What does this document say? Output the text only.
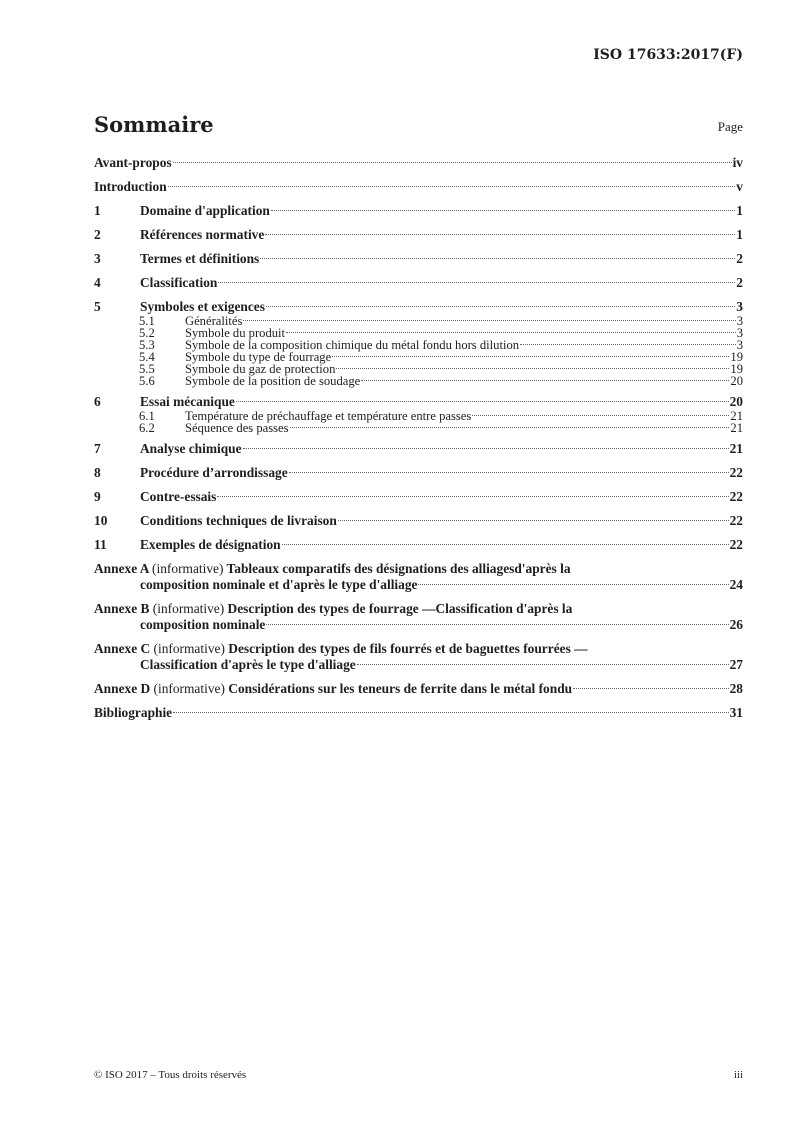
ISO 17633:2017(F)
Sommaire	Page
Avant-propos	iv
Introduction	v
1	Domaine d'application	1
2	Références normative	1
3	Termes et définitions	2
4	Classification	2
5	Symboles et exigences	3
5.1 Généralités	3
5.2 Symbole du produit	3
5.3 Symbole de la composition chimique du métal fondu hors dilution	3
5.4 Symbole du type de fourrage	19
5.5 Symbole du gaz de protection	19
5.6 Symbole de la position de soudage	20
6	Essai mécanique	20
6.1 Température de préchauffage et température entre passes	21
6.2 Séquence des passes	21
7	Analyse chimique	21
8	Procédure d’arrondissage	22
9	Contre-essais	22
10 Conditions techniques de livraison	22
11 Exemples de désignation	22
Annexe A (informative) Tableaux comparatifs des désignations des alliagesd'après la
composition nominale et d'après le type d'alliage	24
Annexe B (informative) Description des types de fourrage —Classification d'après la
composition nominale	26
Annexe C (informative) Description des types de fils fourrés et de baguettes fourrées —
Classification d'après le type d'alliage	27
Annexe D (informative) Considérations sur les teneurs de ferrite dans le métal fondu	28
Bibliographie	31
© ISO 2017 – Tous droits réservés	iii
